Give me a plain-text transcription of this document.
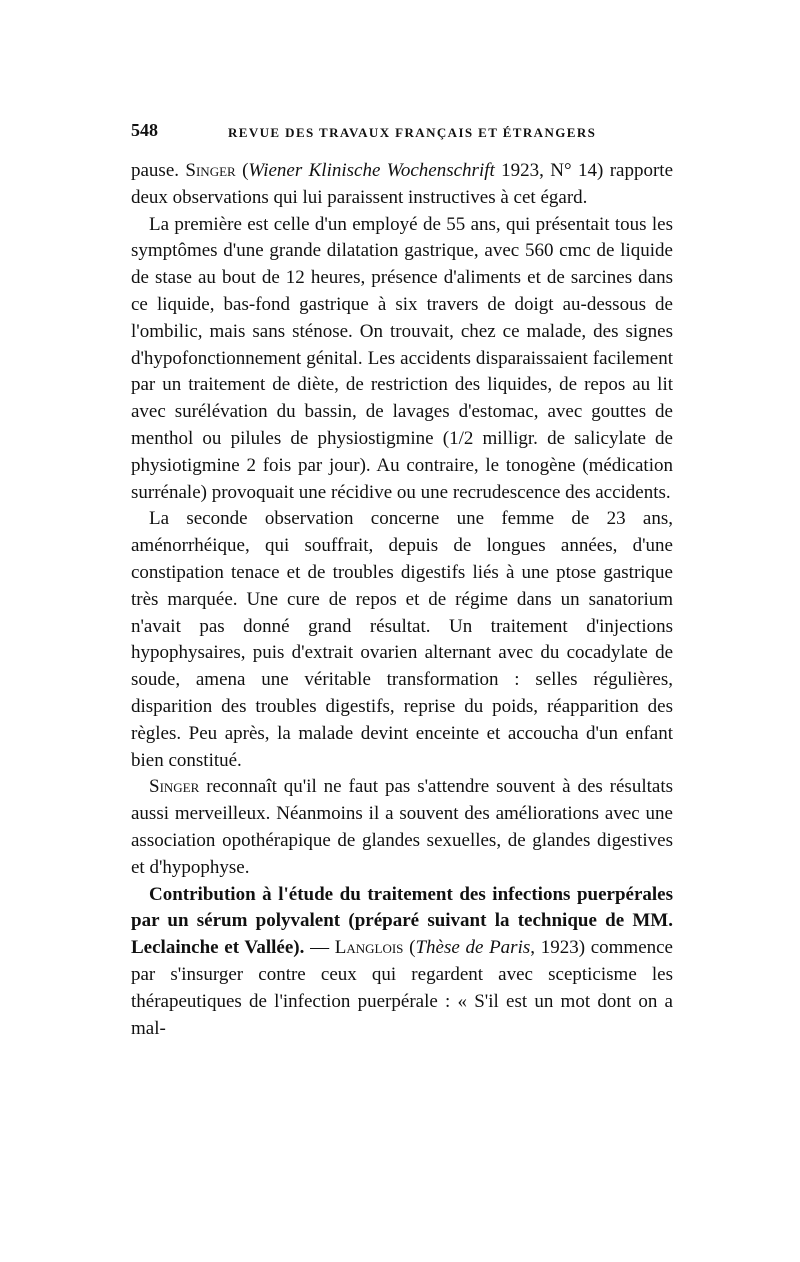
548	REVUE DES TRAVAUX FRANÇAIS ET ÉTRANGERS

pause. Singer (Wiener Klinische Wochenschrift 1923, N° 14) rapporte deux observations qui lui paraissent instructives à cet égard.

La première est celle d'un employé de 55 ans, qui présentait tous les symptômes d'une grande dilatation gastrique, avec 560 cmc de liquide de stase au bout de 12 heures, présence d'aliments et de sarcines dans ce liquide, bas-fond gastrique à six travers de doigt au-dessous de l'ombilic, mais sans sténose. On trouvait, chez ce malade, des signes d'hypofonctionnement génital. Les accidents disparaissaient facilement par un traitement de diète, de restriction des liquides, de repos au lit avec surélévation du bassin, de lavages d'estomac, avec gouttes de menthol ou pilules de physiostigmine (1/2 milligr. de salicylate de physiotigmine 2 fois par jour). Au contraire, le tonogène (médication surrénale) provoquait une récidive ou une recrudescence des accidents.

La seconde observation concerne une femme de 23 ans, aménorrhéique, qui souffrait, depuis de longues années, d'une constipation tenace et de troubles digestifs liés à une ptose gastrique très marquée. Une cure de repos et de régime dans un sanatorium n'avait pas donné grand résultat. Un traitement d'injections hypophysaires, puis d'extrait ovarien alternant avec du cocadylate de soude, amena une véritable transformation : selles régulières, disparition des troubles digestifs, reprise du poids, réapparition des règles. Peu après, la malade devint enceinte et accoucha d'un enfant bien constitué.

Singer reconnaît qu'il ne faut pas s'attendre souvent à des résultats aussi merveilleux. Néanmoins il a souvent des améliorations avec une association opothérapique de glandes sexuelles, de glandes digestives et d'hypophyse.

Contribution à l'étude du traitement des infections puerpérales par un sérum polyvalent (préparé suivant la technique de MM. Leclainche et Vallée). — Langlois (Thèse de Paris, 1923) commence par s'insurger contre ceux qui regardent avec scepticisme les thérapeutiques de l'infection puerpérale : « S'il est un mot dont on a mal-
